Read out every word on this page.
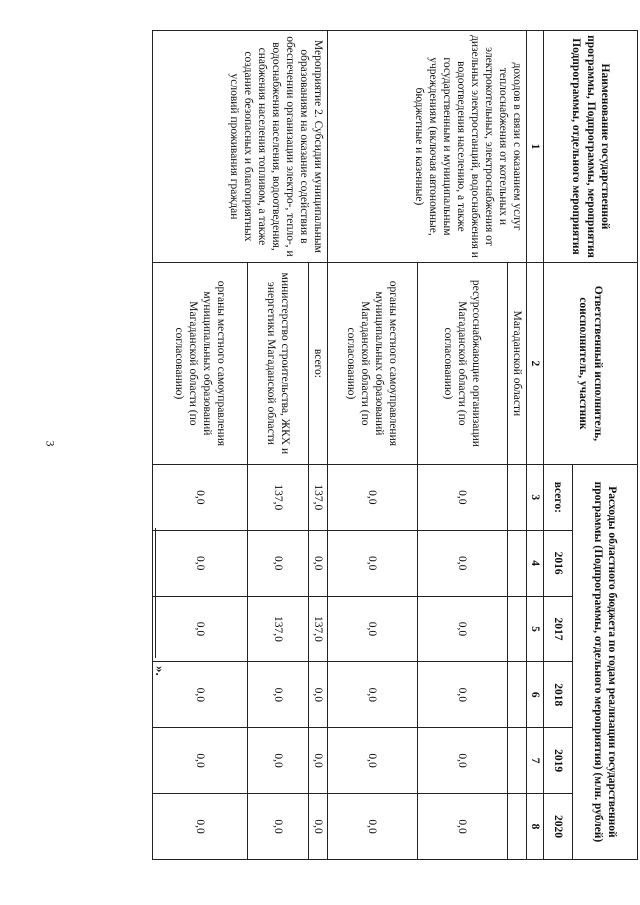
3
Наименование государственной программы, Подпрограммы, мероприятия Подпрограммы, отдельного мероприятия	Ответственный исполнитель, соисполнитель, участник	Расходы областного бюджета по годам реализации государственной программы (Подпрограммы, отдельного мероприятия) (млн. рублей)					
		всего:	2016	2017	2018	2019	2020
1	2	3	4	5	6	7	8
доходов в связи с оказанием услуг теплоснабжения от котельных и электрокотельных, электроснабжения от дизельных электростанций, водоснабжения и водоотведения населению, а также государственным и муниципальным учреждениям (включая автономные, бюджетные и казенные)	Магаданской области						
	ресурсоснабжающие организации Магаданской области (по согласованию)	0,0	0,0	0,0	0,0	0,0	0,0
	органы местного самоуправления муниципальных образований Магаданской области (по согласованию)	0,0	0,0	0,0	0,0	0,0	0,0
Мероприятие 2. Субсидии муниципальным образованиям на оказание содействия в обеспечении организации электро-, тепло-, и водоснабжения населения, водоотведения, снабжения населения топливом, а также создание безопасных и благоприятных условий проживания граждан	всего:	137,0	0,0	137,0	0,0	0,0	0,0
	министерство строительства, ЖКХ и энергетики Магаданской области	137,0	0,0	137,0	0,0	0,0	0,0
	органы местного самоуправления муниципальных образований Магаданской области (по согласованию)	0,0	0,0	0,0	0,0	0,0	0,0
».
